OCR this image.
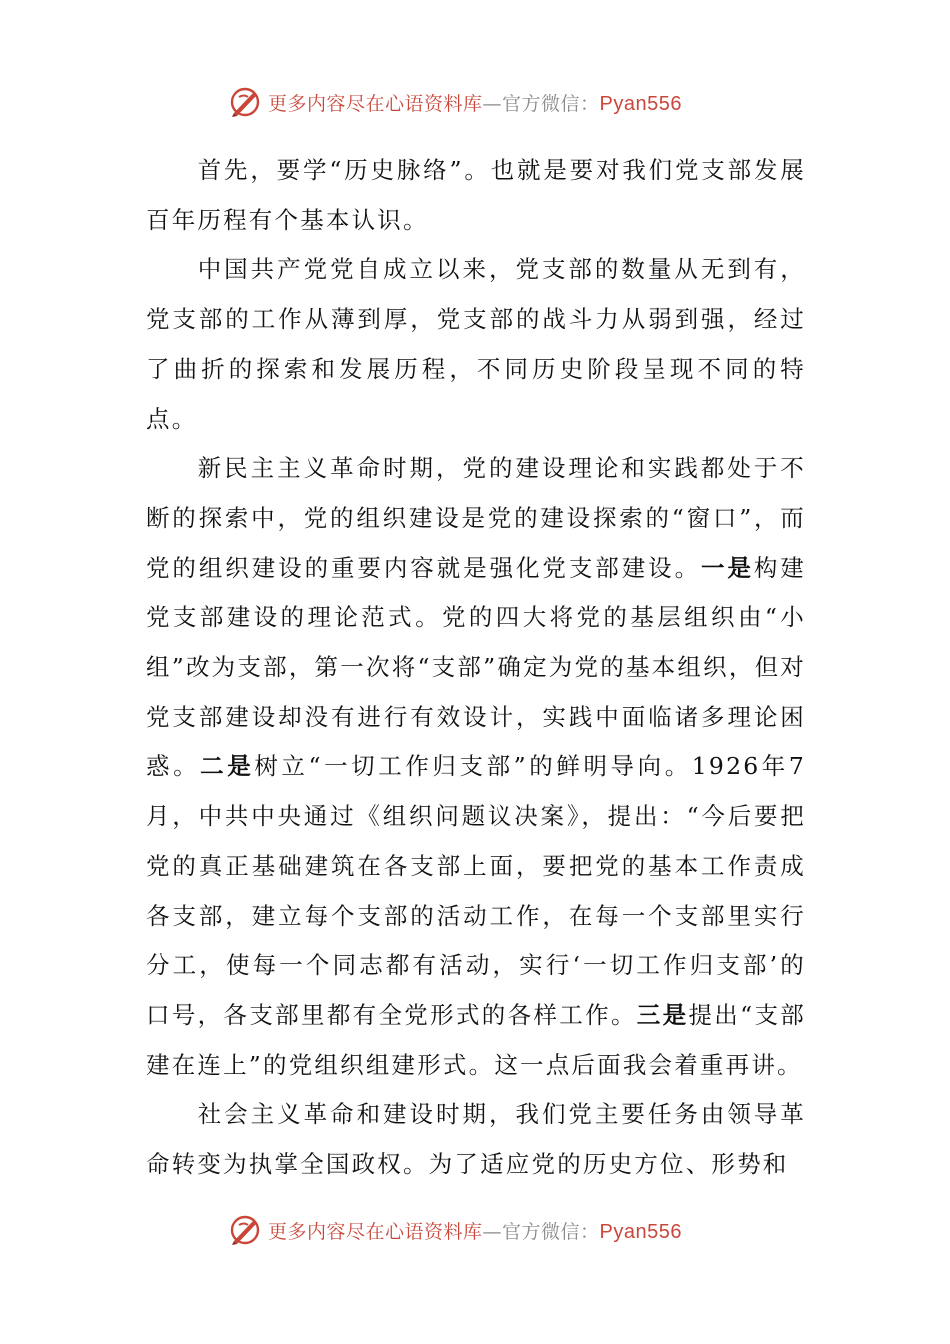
更多内容尽在心语资料库—官方微信：Pyan556

首先，要学“历史脉络”。也就是要对我们党支部发展百年历程有个基本认识。

中国共产党党自成立以来，党支部的数量从无到有，党支部的工作从薄到厚，党支部的战斗力从弱到强，经过了曲折的探索和发展历程，不同历史阶段呈现不同的特点。

新民主主义革命时期，党的建设理论和实践都处于不断的探索中，党的组织建设是党的建设探索的“窗口”，而党的组织建设的重要内容就是强化党支部建设。一是构建党支部建设的理论范式。党的四大将党的基层组织由“小组”改为支部，第一次将“支部”确定为党的基本组织，但对党支部建设却没有进行有效设计，实践中面临诸多理论困惑。二是树立“一切工作归支部”的鲜明导向。1926年7月，中共中央通过《组织问题议决案》，提出：“今后要把党的真正基础建筑在各支部上面，要把党的基本工作责成各支部，建立每个支部的活动工作，在每一个支部里实行分工，使每一个同志都有活动，实行‘一切工作归支部’的口号，各支部里都有全党形式的各样工作。三是提出“支部建在连上”的党组织组建形式。这一点后面我会着重再讲。

社会主义革命和建设时期，我们党主要任务由领导革命转变为执掌全国政权。为了适应党的历史方位、形势和

更多内容尽在心语资料库—官方微信：Pyan556
